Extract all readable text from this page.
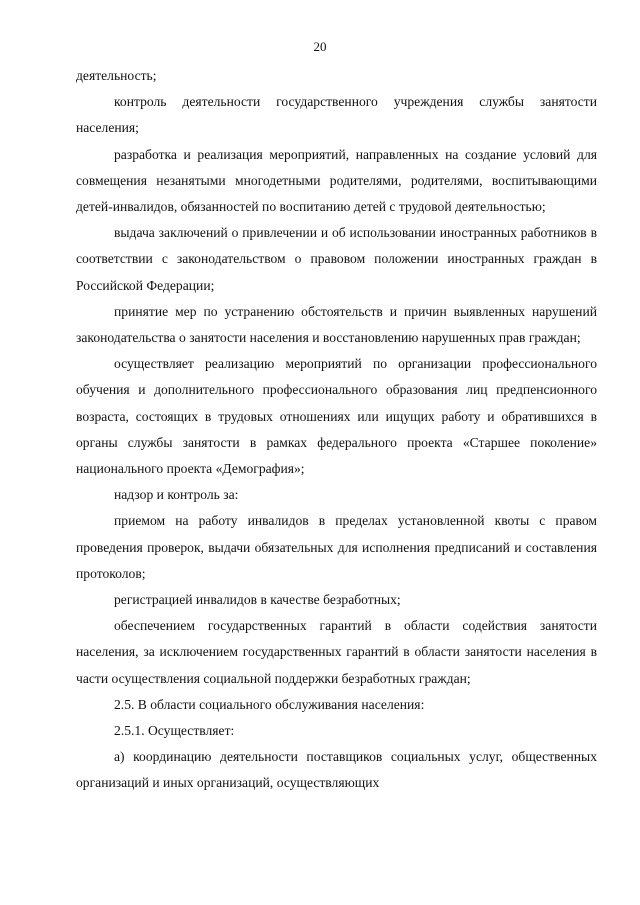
20

деятельность;

контроль деятельности государственного учреждения службы занятости населения;

разработка и реализация мероприятий, направленных на создание условий для совмещения незанятыми многодетными родителями, родителями, воспитывающими детей-инвалидов, обязанностей по воспитанию детей с трудовой деятельностью;

выдача заключений о привлечении и об использовании иностранных работников в соответствии с законодательством о правовом положении иностранных граждан в Российской Федерации;

принятие мер по устранению обстоятельств и причин выявленных нарушений законодательства о занятости населения и восстановлению нарушенных прав граждан;

осуществляет реализацию мероприятий по организации профессионального обучения и дополнительного профессионального образования лиц предпенсионного возраста, состоящих в трудовых отношениях или ищущих работу и обратившихся в органы службы занятости в рамках федерального проекта «Старшее поколение» национального проекта «Демография»;

надзор и контроль за:

приемом на работу инвалидов в пределах установленной квоты с правом проведения проверок, выдачи обязательных для исполнения предписаний и составления протоколов;

регистрацией инвалидов в качестве безработных;

обеспечением государственных гарантий в области содействия занятости населения, за исключением государственных гарантий в области занятости населения в части осуществления социальной поддержки безработных граждан;

2.5. В области социального обслуживания населения:

2.5.1. Осуществляет:

а) координацию деятельности поставщиков социальных услуг, общественных организаций и иных организаций, осуществляющих
